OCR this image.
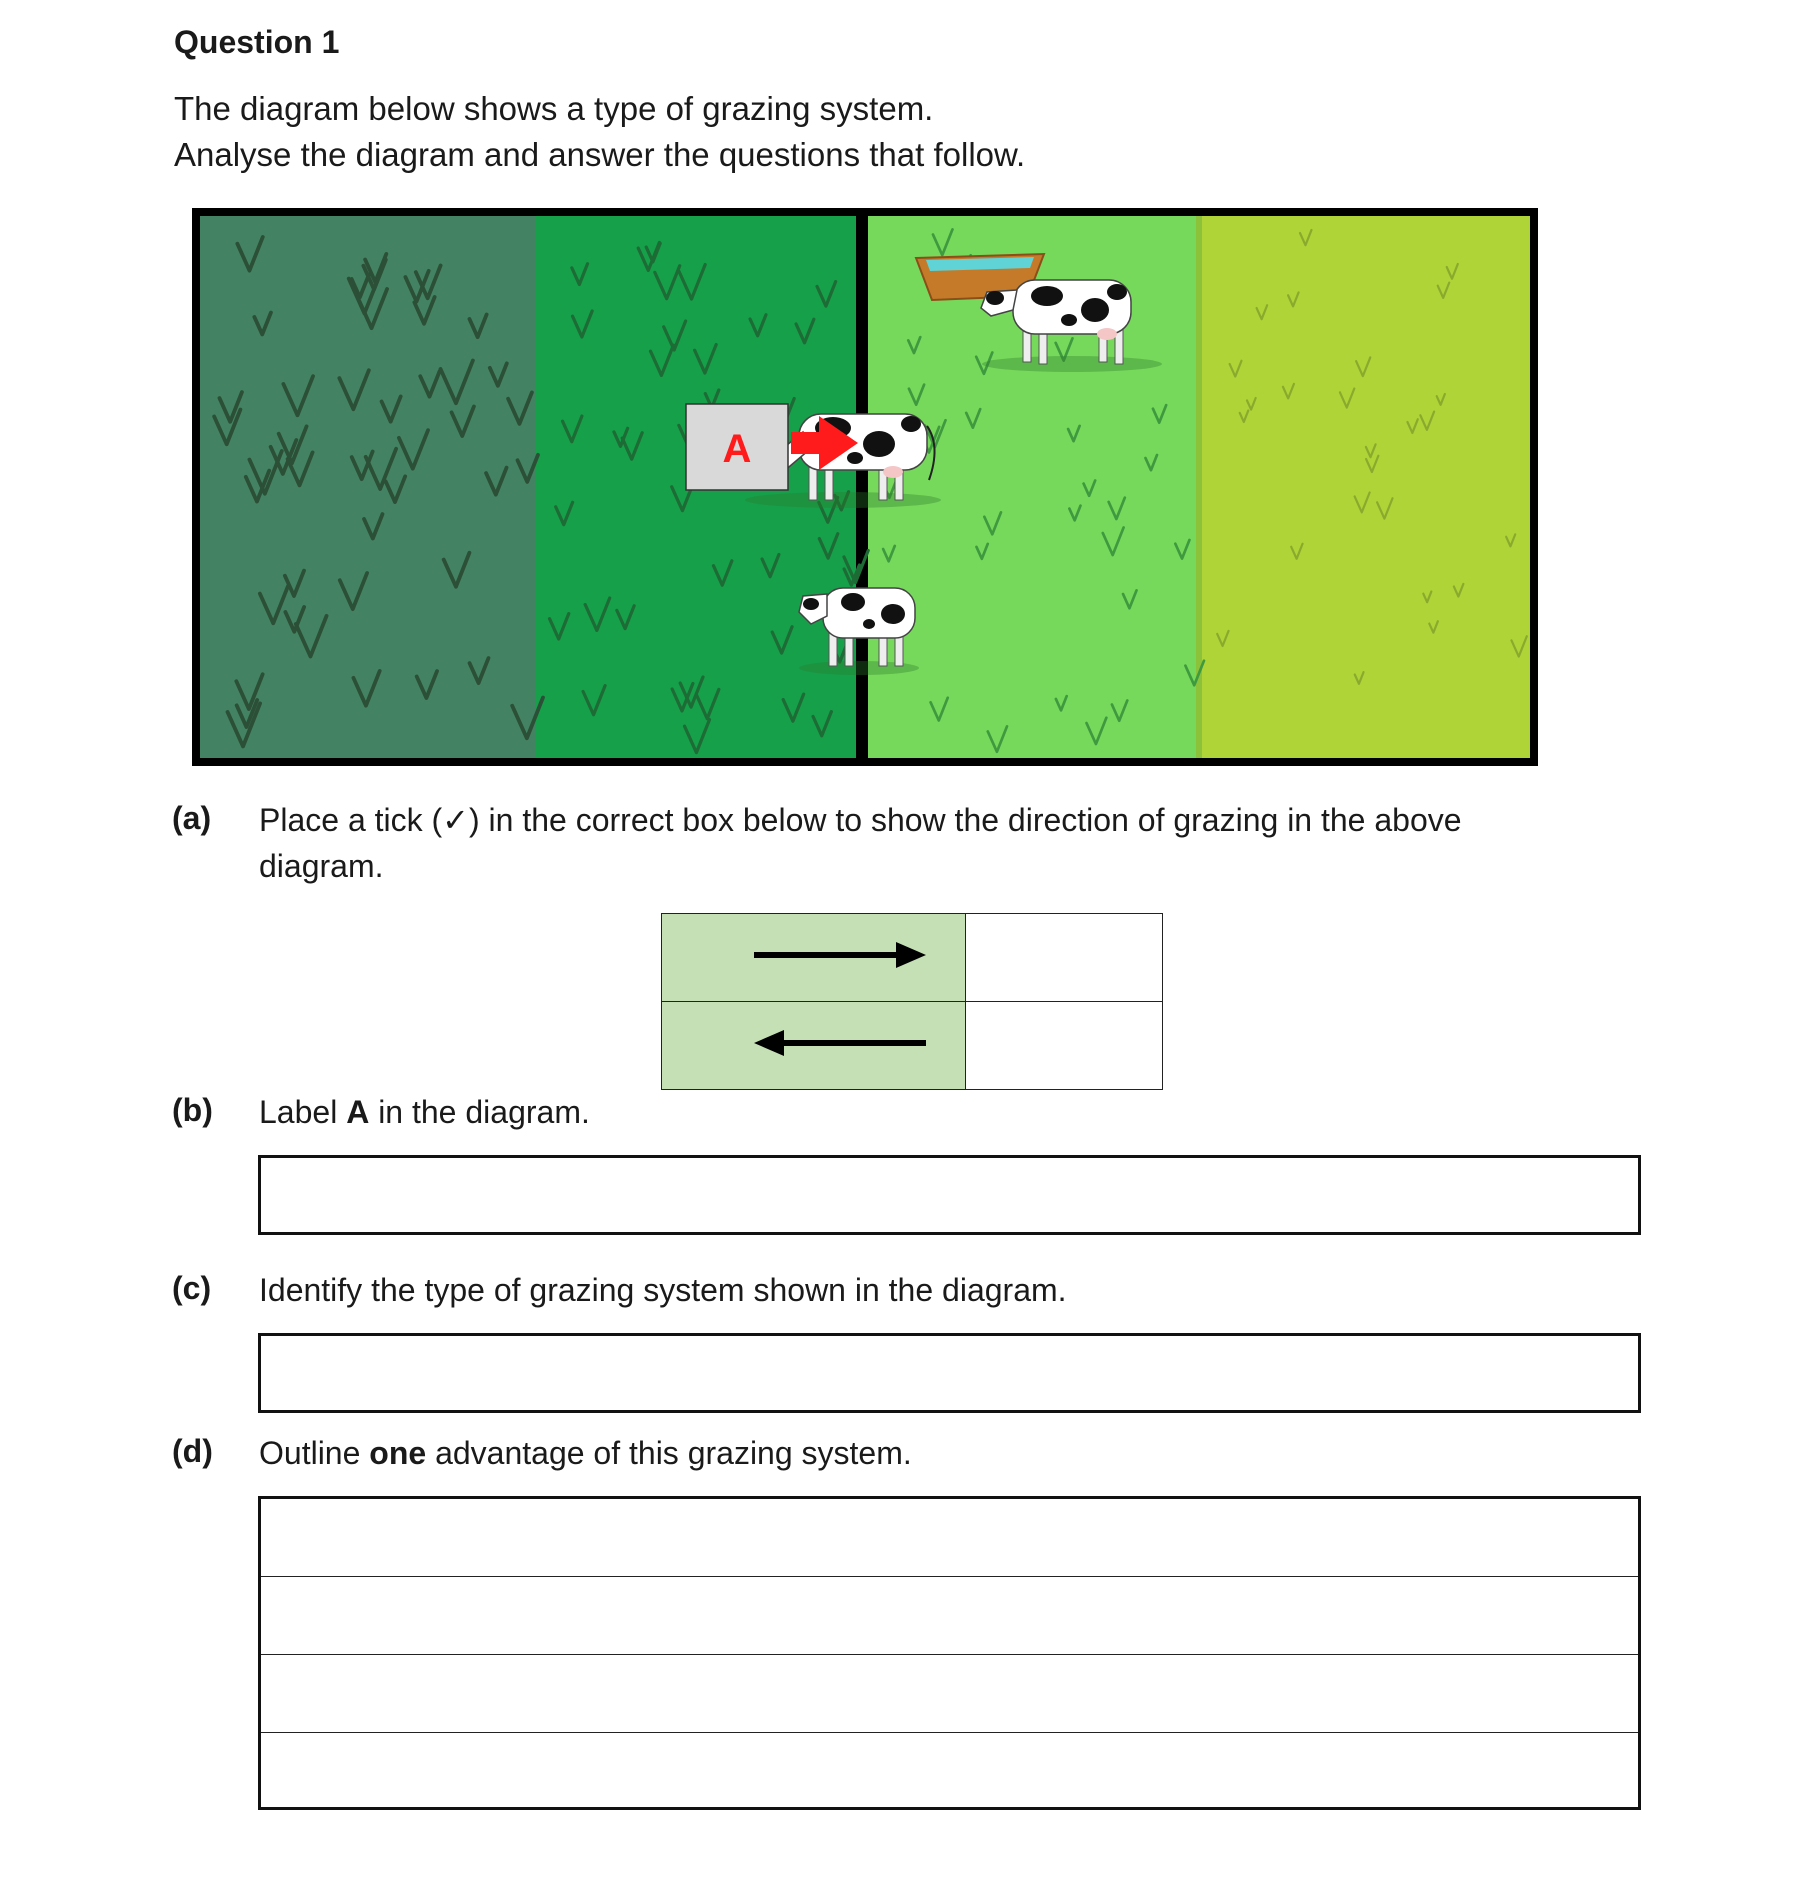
Question 1
The diagram below shows a type of grazing system.
Analyse the diagram and answer the questions that follow.
A
(a) Place a tick (✓) in the correct box below to show the direction of grazing in the above
diagram.

(b) Label A in the diagram.
(c) Identify the type of grazing system shown in the diagram.
(d) Outline one advantage of this grazing system.
